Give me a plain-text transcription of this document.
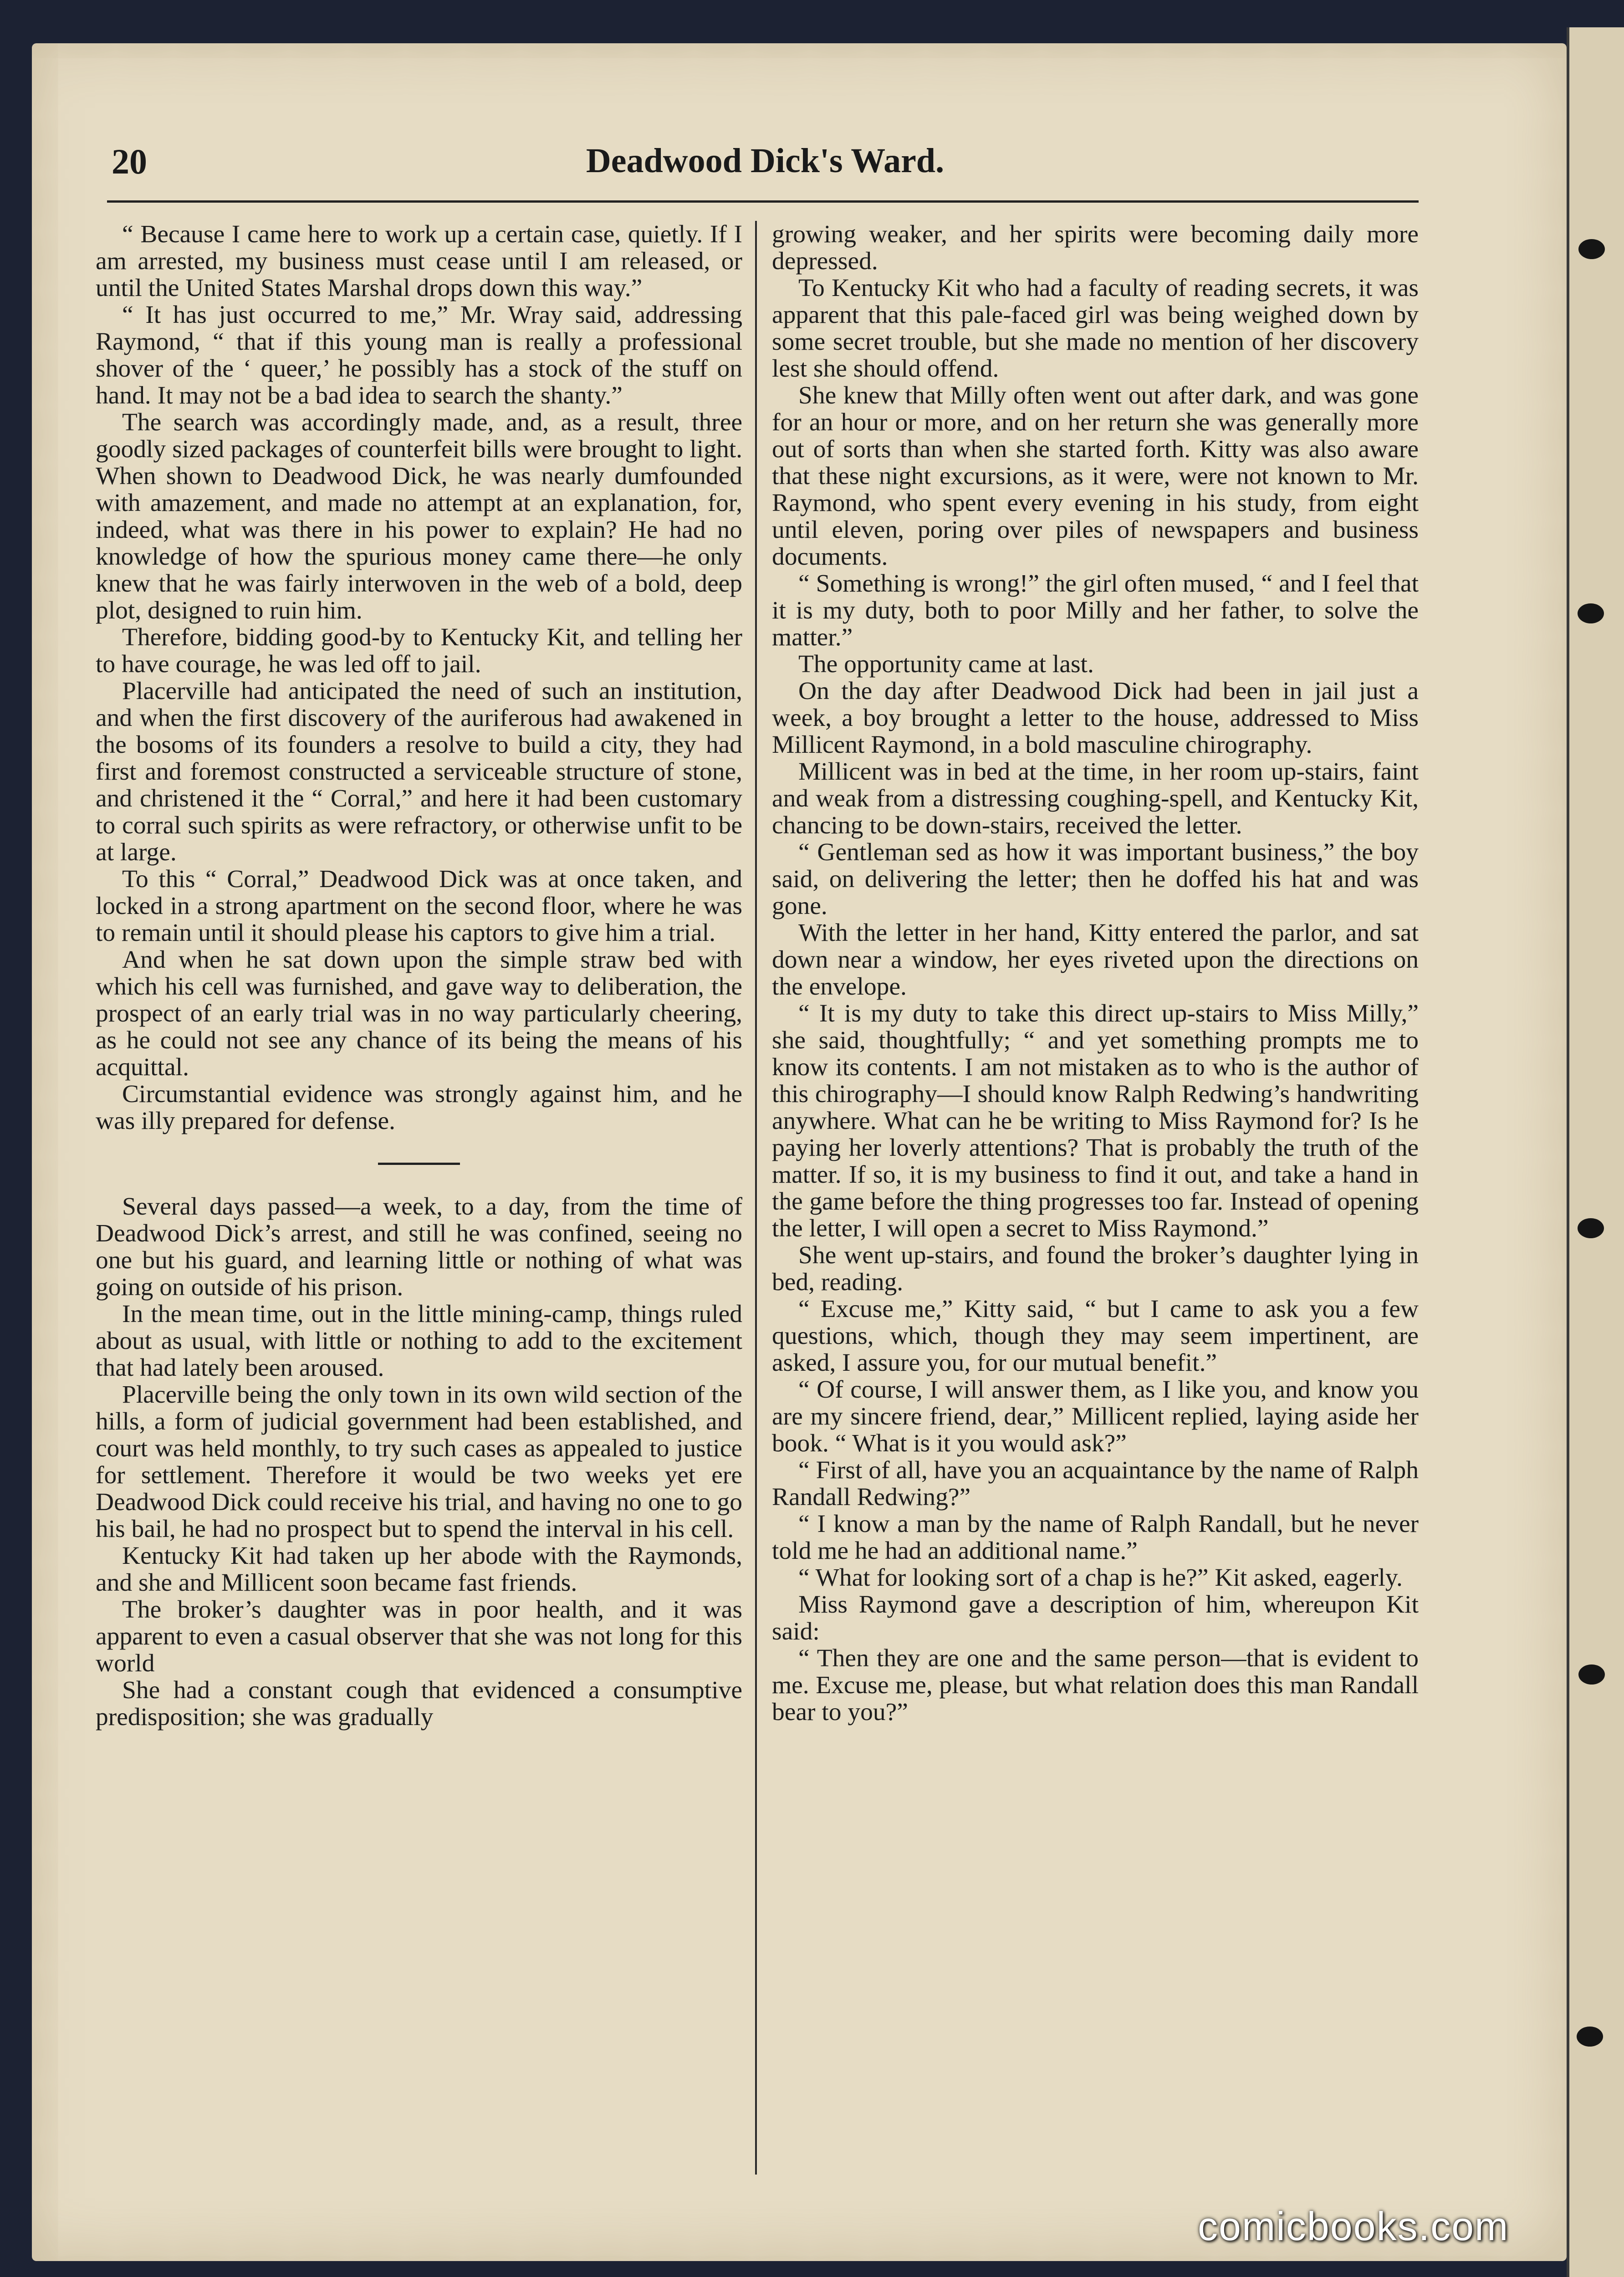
Deadwood Dick's Ward.
20

“ Because I came here to work up a certain case, quietly. If I am arrested, my business must cease until I am released, or until the United States Marshal drops down this way.”

“ It has just occurred to me,” Mr. Wray said, addressing Raymond, “ that if this young man is really a professional shover of the ‘ queer,’ he possibly has a stock of the stuff on hand. It may not be a bad idea to search the shanty.”

The search was accordingly made, and, as a result, three goodly sized packages of counterfeit bills were brought to light. When shown to Deadwood Dick, he was nearly dumfounded with amazement, and made no attempt at an explanation, for, indeed, what was there in his power to explain? He had no knowledge of how the spurious money came there—he only knew that he was fairly interwoven in the web of a bold, deep plot, designed to ruin him.

Therefore, bidding good-by to Kentucky Kit, and telling her to have courage, he was led off to jail.

Placerville had anticipated the need of such an institution, and when the first discovery of the auriferous had awakened in the bosoms of its founders a resolve to build a city, they had first and foremost constructed a serviceable structure of stone, and christened it the “ Corral,” and here it had been customary to corral such spirits as were refractory, or otherwise unfit to be at large.

To this “ Corral,” Deadwood Dick was at once taken, and locked in a strong apartment on the second floor, where he was to remain until it should please his captors to give him a trial.

And when he sat down upon the simple straw bed with which his cell was furnished, and gave way to deliberation, the prospect of an early trial was in no way particularly cheering, as he could not see any chance of its being the means of his acquittal.

Circumstantial evidence was strongly against him, and he was illy prepared for defense.

Several days passed—a week, to a day, from the time of Deadwood Dick’s arrest, and still he was confined, seeing no one but his guard, and learning little or nothing of what was going on outside of his prison.

In the mean time, out in the little mining-camp, things ruled about as usual, with little or nothing to add to the excitement that had lately been aroused.

Placerville being the only town in its own wild section of the hills, a form of judicial government had been established, and court was held monthly, to try such cases as appealed to justice for settlement. Therefore it would be two weeks yet ere Deadwood Dick could receive his trial, and having no one to go his bail, he had no prospect but to spend the interval in his cell.

Kentucky Kit had taken up her abode with the Raymonds, and she and Millicent soon became fast friends.

The broker’s daughter was in poor health, and it was apparent to even a casual observer that she was not long for this world

She had a constant cough that evidenced a consumptive predisposition; she was gradually

growing weaker, and her spirits were becoming daily more depressed.

To Kentucky Kit who had a faculty of reading secrets, it was apparent that this pale-faced girl was being weighed down by some secret trouble, but she made no mention of her discovery lest she should offend.

She knew that Milly often went out after dark, and was gone for an hour or more, and on her return she was generally more out of sorts than when she started forth. Kitty was also aware that these night excursions, as it were, were not known to Mr. Raymond, who spent every evening in his study, from eight until eleven, poring over piles of newspapers and business documents.

“ Something is wrong!” the girl often mused, “ and I feel that it is my duty, both to poor Milly and her father, to solve the matter.”

The opportunity came at last.

On the day after Deadwood Dick had been in jail just a week, a boy brought a letter to the house, addressed to Miss Millicent Raymond, in a bold masculine chirography.

Millicent was in bed at the time, in her room up-stairs, faint and weak from a distressing coughing-spell, and Kentucky Kit, chancing to be down-stairs, received the letter.

“ Gentleman sed as how it was important business,” the boy said, on delivering the letter; then he doffed his hat and was gone.

With the letter in her hand, Kitty entered the parlor, and sat down near a window, her eyes riveted upon the directions on the envelope.

“ It is my duty to take this direct up-stairs to Miss Milly,” she said, thoughtfully; “ and yet something prompts me to know its contents. I am not mistaken as to who is the author of this chirography—I should know Ralph Redwing’s handwriting anywhere. What can he be writing to Miss Raymond for? Is he paying her loverly attentions? That is probably the truth of the matter. If so, it is my business to find it out, and take a hand in the game before the thing progresses too far. Instead of opening the letter, I will open a secret to Miss Raymond.”

She went up-stairs, and found the broker’s daughter lying in bed, reading.

“ Excuse me,” Kitty said, “ but I came to ask you a few questions, which, though they may seem impertinent, are asked, I assure you, for our mutual benefit.”

“ Of course, I will answer them, as I like you, and know you are my sincere friend, dear,” Millicent replied, laying aside her book. “ What is it you would ask?”

“ First of all, have you an acquaintance by the name of Ralph Randall Redwing?”

“ I know a man by the name of Ralph Randall, but he never told me he had an additional name.”

“ What for looking sort of a chap is he?” Kit asked, eagerly.

Miss Raymond gave a description of him, whereupon Kit said:

“ Then they are one and the same person—that is evident to me. Excuse me, please, but what relation does this man Randall bear to you?”

comicbooks.com
